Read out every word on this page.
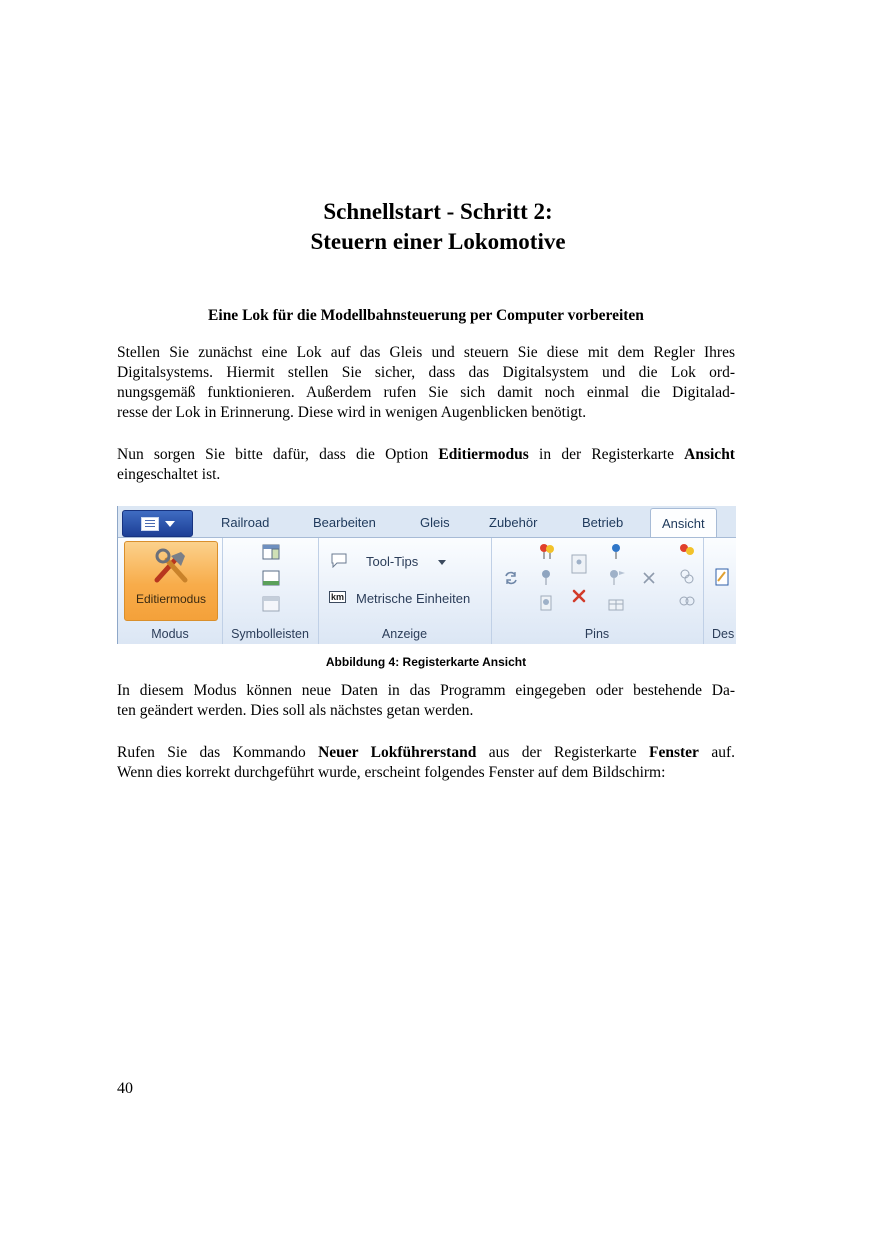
Schnellstart - Schritt 2:
Steuern einer Lokomotive
Eine Lok für die Modellbahnsteuerung per Computer vorbereiten
Stellen Sie zunächst eine Lok auf das Gleis und steuern Sie diese mit dem Regler Ihres
Digitalsystems. Hiermit stellen Sie sicher, dass das Digitalsystem und die Lok ord-
nungsgemäß funktionieren. Außerdem rufen Sie sich damit noch einmal die Digitalad-
resse der Lok in Erinnerung. Diese wird in wenigen Augenblicken benötigt.
Nun sorgen Sie bitte dafür, dass die Option Editiermodus in der Registerkarte Ansicht
eingeschaltet ist.
Railroad	Bearbeiten	Gleis	Zubehör	Betrieb	Ansicht
Editiermodus
Modus	Symbolleisten
Tool-Tips
km Metrische Einheiten
Anzeige	Pins	Des
Abbildung 4: Registerkarte Ansicht
In diesem Modus können neue Daten in das Programm eingegeben oder bestehende Da-
ten geändert werden. Dies soll als nächstes getan werden.
Rufen Sie das Kommando Neuer Lokführerstand aus der Registerkarte Fenster auf.
Wenn dies korrekt durchgeführt wurde, erscheint folgendes Fenster auf dem Bildschirm:
40
